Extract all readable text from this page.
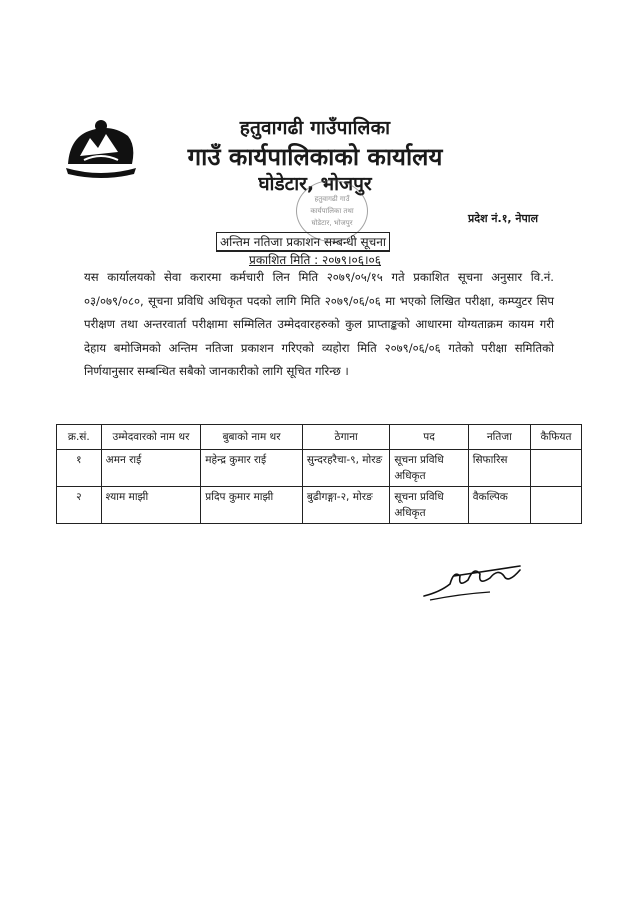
हतुवागढी गाउँपालिका
गाउँ कार्यपालिकाको कार्यालय
घोडेटार, भोजपुर
हतुवागढी गाउँ
कार्यपालिका तथा
घोडेटार, भोजपुर	प्रदेश नं.१, नेपाल
अन्तिम नतिजा प्रकाशन सम्बन्धी सूचना
प्रकाशित मिति : २०७९।०६।०६
यस कार्यालयको सेवा करारमा कर्मचारी लिन मिति २०७९/०५/१५ गते प्रकाशित सूचना अनुसार वि.नं. ०३/०७९/०८०, सूचना प्रविधि अधिकृत पदको लागि मिति २०७९/०६/०६ मा भएको लिखित परीक्षा, कम्प्युटर सिप परीक्षण तथा अन्तरवार्ता परीक्षामा सम्मिलित उम्मेदवारहरुको कुल प्राप्ताङ्कको आधारमा योग्यताक्रम कायम गरी देहाय बमोजिमको अन्तिम नतिजा प्रकाशन गरिएको व्यहोरा मिति २०७९/०६/०६ गतेको परीक्षा समितिको निर्णयानुसार सम्बन्धित सबैको जानकारीको लागि सूचित गरिन्छ ।
क्र.सं.	उम्मेदवारको नाम थर	बुबाको नाम थर	ठेगाना	पद	नतिजा	कैफियत
१	अमन राई	महेन्द्र कुमार राई	सुन्दरहरैचा-९, मोरङ	सूचना प्रविधि अधिकृत	सिफारिस	
२	श्याम माझी	प्रदिप कुमार माझी	बुढीगङ्गा-२, मोरङ	सूचना प्रविधि अधिकृत	वैकल्पिक	
